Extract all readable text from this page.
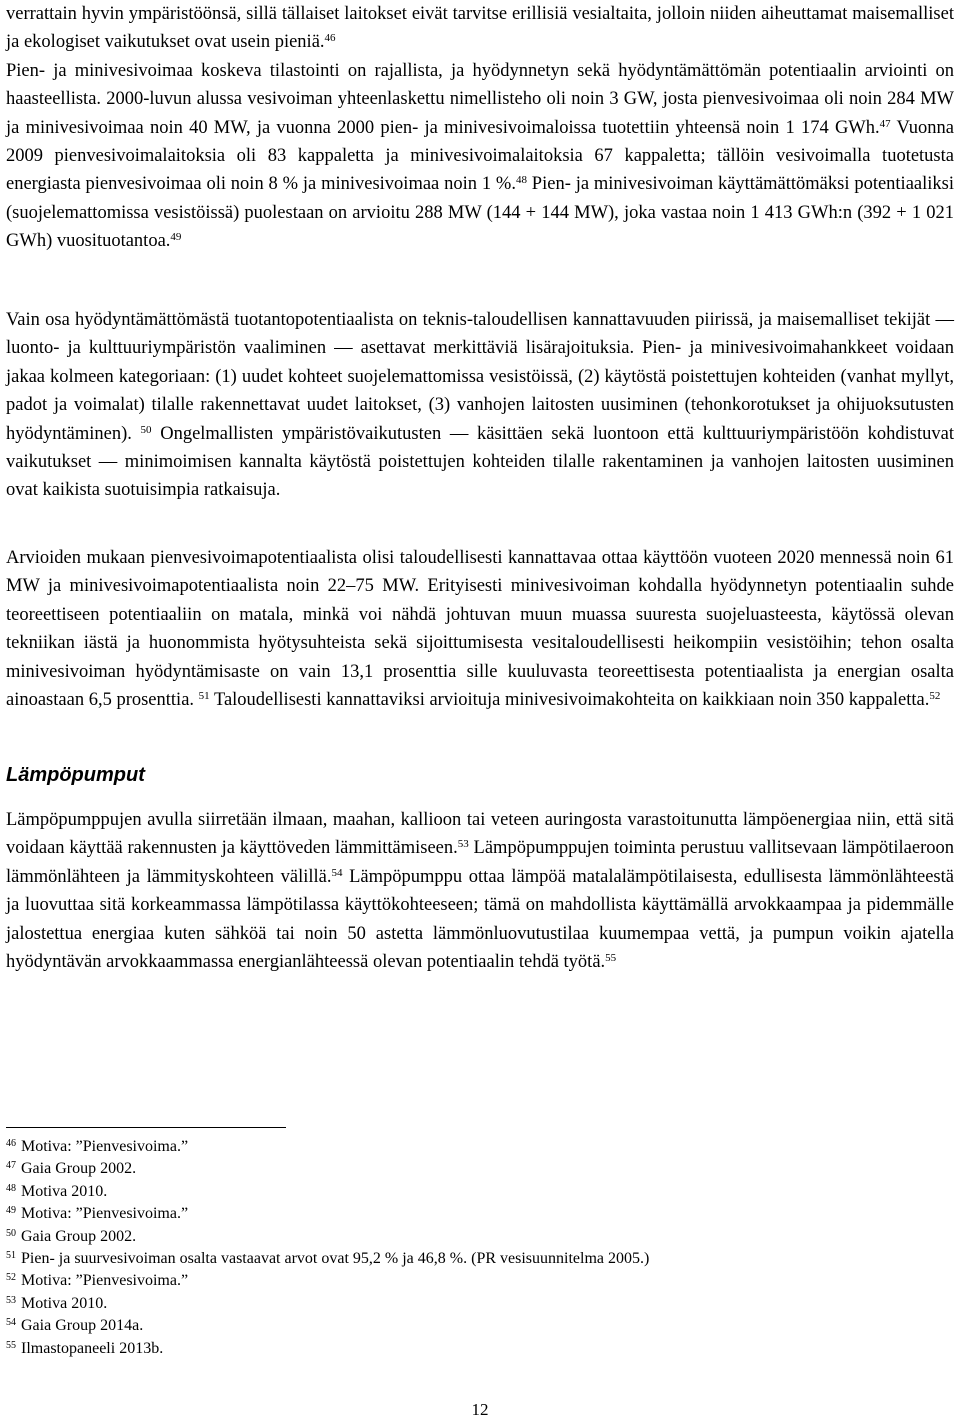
verrattain hyvin ympäristöönsä, sillä tällaiset laitokset eivät tarvitse erillisiä vesialtaita, jolloin niiden aiheuttamat maisemalliset ja ekologiset vaikutukset ovat usein pieniä.$^{46}$
Pien- ja minivesivoimaa koskeva tilastointi on rajallista, ja hyödynnetyn sekä hyödyntämättömän potentiaalin arviointi on haasteellista. 2000-luvun alussa vesivoiman yhteenlaskettu nimellisteho oli noin 3 GW, josta pienvesivoimaa oli noin 284 MW ja minivesivoimaa noin 40 MW, ja vuonna 2000 pien- ja minivesivoimaloissa tuotettiin yhteensä noin 1 174 GWh.$^{47}$ Vuonna 2009 pienvesivoimalaitoksia oli 83 kappaletta ja minivesivoimalaitoksia 67 kappaletta; tällöin vesivoimalla tuotetusta energiasta pienvesivoimaa oli noin 8 % ja minivesivoimaa noin 1 %.$^{48}$ Pien- ja minivesivoiman käyttämättömäksi potentiaaliksi (suojelemattomissa vesistöissä) puolestaan on arvioitu 288 MW (144 + 144 MW), joka vastaa noin 1 413 GWh:n (392 + 1 021 GWh) vuosituotantoa.$^{49}$

Vain osa hyödyntämättömästä tuotantopotentiaalista on teknis-taloudellisen kannattavuuden piirissä, ja maisemalliset tekijät ― luonto- ja kulttuuriympäristön vaaliminen ― asettavat merkittäviä lisärajoituksia. Pien- ja minivesivoimahankkeet voidaan jakaa kolmeen kategoriaan: (1) uudet kohteet suojelemattomissa vesistöissä, (2) käytöstä poistettujen kohteiden (vanhat myllyt, padot ja voimalat) tilalle rakennettavat uudet laitokset, (3) vanhojen laitosten uusiminen (tehonkorotukset ja ohijuoksutusten hyödyntäminen). $^{50}$ Ongelmallisten ympäristövaikutusten ― käsittäen sekä luontoon että kulttuuriympäristöön kohdistuvat vaikutukset ― minimoimisen kannalta käytöstä poistettujen kohteiden tilalle rakentaminen ja vanhojen laitosten uusiminen ovat kaikista suotuisimpia ratkaisuja.

Arvioiden mukaan pienvesivoimapotentiaalista olisi taloudellisesti kannattavaa ottaa käyttöön vuoteen 2020 mennessä noin 61 MW ja minivesivoimapotentiaalista noin 22–75 MW. Erityisesti minivesivoiman kohdalla hyödynnetyn potentiaalin suhde teoreettiseen potentiaaliin on matala, minkä voi nähdä johtuvan muun muassa suuresta suojeluasteesta, käytössä olevan tekniikan iästä ja huonommista hyötysuhteista sekä sijoittumisesta vesitaloudellisesti heikompiin vesistöihin; tehon osalta minivesivoiman hyödyntämisaste on vain 13,1 prosenttia sille kuuluvasta teoreettisesta potentiaalista ja energian osalta ainoastaan 6,5 prosenttia. $^{51}$ Taloudellisesti kannattaviksi arvioituja minivesivoimakohteita on kaikkiaan noin 350 kappaletta.$^{52}$

Lämpöpumput

Lämpöpumppujen avulla siirretään ilmaan, maahan, kallioon tai veteen auringosta varastoitunutta lämpöenergiaa niin, että sitä voidaan käyttää rakennusten ja käyttöveden lämmittämiseen.$^{53}$ Lämpöpumppujen toiminta perustuu vallitsevaan lämpötilaeroon lämmönlähteen ja lämmityskohteen välillä.$^{54}$ Lämpöpumppu ottaa lämpöä matalalämpötilaisesta, edullisesta lämmönlähteestä ja luovuttaa sitä korkeammassa lämpötilassa käyttökohteeseen; tämä on mahdollista käyttämällä arvokkaampaa ja pidemmälle jalostettua energiaa kuten sähköä tai noin 50 astetta lämmönluovutustilaa kuumempaa vettä, ja pumpun voikin ajatella hyödyntävän arvokkaammassa energianlähteessä olevan potentiaalin tehdä työtä.$^{55}$

$^{46}$ Motiva: ”Pienvesivoima.”
$^{47}$ Gaia Group 2002.
$^{48}$ Motiva 2010.
$^{49}$ Motiva: ”Pienvesivoima.”
$^{50}$ Gaia Group 2002.
$^{51}$ Pien- ja suurvesivoiman osalta vastaavat arvot ovat 95,2 % ja 46,8 %. (PR vesisuunnitelma 2005.)
$^{52}$ Motiva: ”Pienvesivoima.”
$^{53}$ Motiva 2010.
$^{54}$ Gaia Group 2014a.
$^{55}$ Ilmastopaneeli 2013b.
12
